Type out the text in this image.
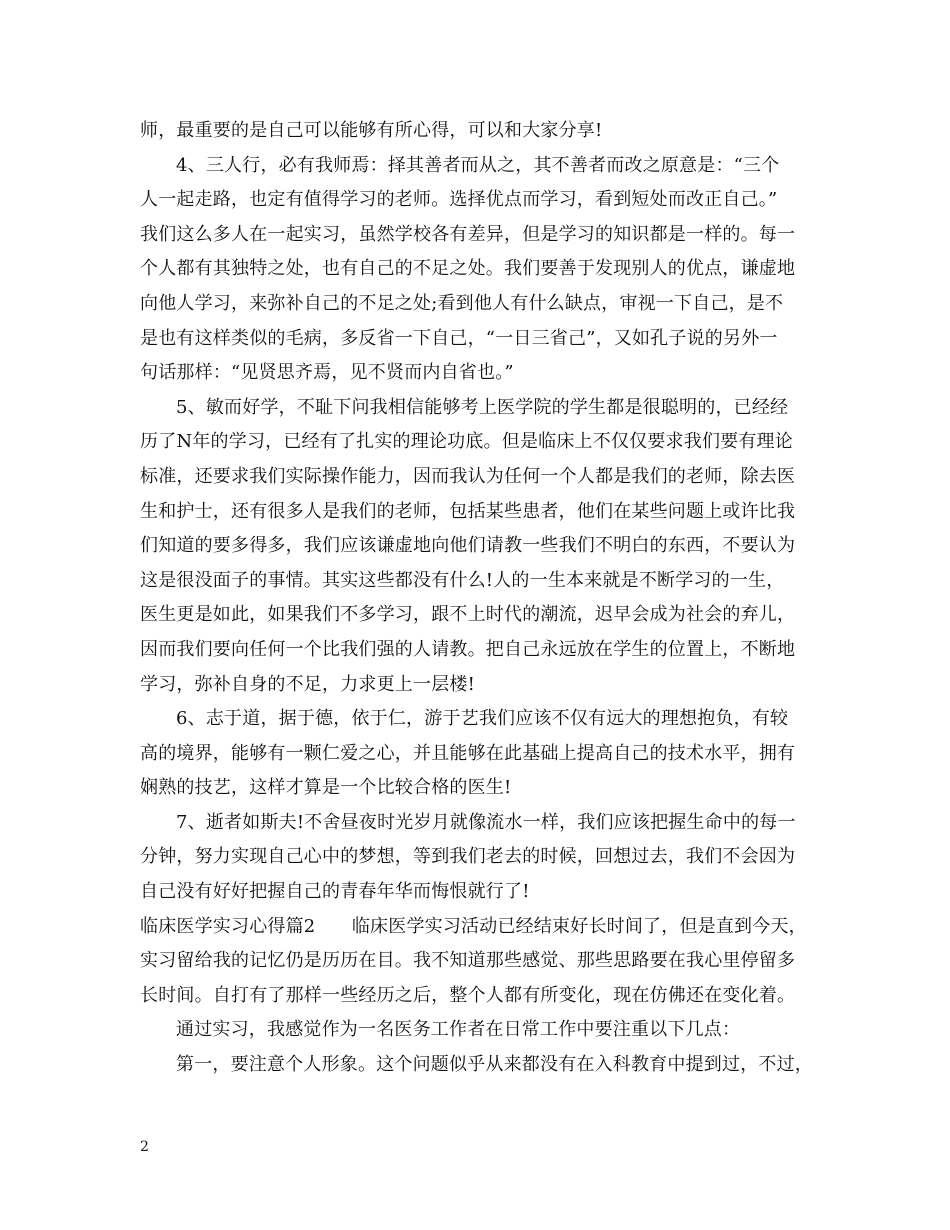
师，最重要的是自己可以能够有所心得，可以和大家分享!
4、三人行，必有我师焉：择其善者而从之，其不善者而改之原意是：“三个
人一起走路，也定有值得学习的老师。选择优点而学习，看到短处而改正自己。”
我们这么多人在一起实习，虽然学校各有差异，但是学习的知识都是一样的。每一
个人都有其独特之处，也有自己的不足之处。我们要善于发现别人的优点，谦虚地
向他人学习，来弥补自己的不足之处;看到他人有什么缺点，审视一下自己，是不
是也有这样类似的毛病，多反省一下自己，“一日三省己”，又如孔子说的另外一
句话那样：“见贤思齐焉，见不贤而内自省也。”
5、敏而好学，不耻下问我相信能够考上医学院的学生都是很聪明的，已经经
历了N年的学习，已经有了扎实的理论功底。但是临床上不仅仅要求我们要有理论
标准，还要求我们实际操作能力，因而我认为任何一个人都是我们的老师，除去医
生和护士，还有很多人是我们的老师，包括某些患者，他们在某些问题上或许比我
们知道的要多得多，我们应该谦虚地向他们请教一些我们不明白的东西，不要认为
这是很没面子的事情。其实这些都没有什么!人的一生本来就是不断学习的一生，
医生更是如此，如果我们不多学习，跟不上时代的潮流，迟早会成为社会的弃儿，
因而我们要向任何一个比我们强的人请教。把自己永远放在学生的位置上，不断地
学习，弥补自身的不足，力求更上一层楼!
6、志于道，据于德，依于仁，游于艺我们应该不仅有远大的理想抱负，有较
高的境界，能够有一颗仁爱之心，并且能够在此基础上提高自己的技术水平，拥有
娴熟的技艺，这样才算是一个比较合格的医生!
7、逝者如斯夫!不舍昼夜时光岁月就像流水一样，我们应该把握生命中的每一
分钟，努力实现自己心中的梦想，等到我们老去的时候，回想过去，我们不会因为
自己没有好好把握自己的青春年华而悔恨就行了!
临床医学实习心得篇2　　临床医学实习活动已经结束好长时间了，但是直到今天，
实习留给我的记忆仍是历历在目。我不知道那些感觉、那些思路要在我心里停留多
长时间。自打有了那样一些经历之后，整个人都有所变化，现在仿佛还在变化着。
通过实习，我感觉作为一名医务工作者在日常工作中要注重以下几点：
第一，要注意个人形象。这个问题似乎从来都没有在入科教育中提到过，不过，
2
